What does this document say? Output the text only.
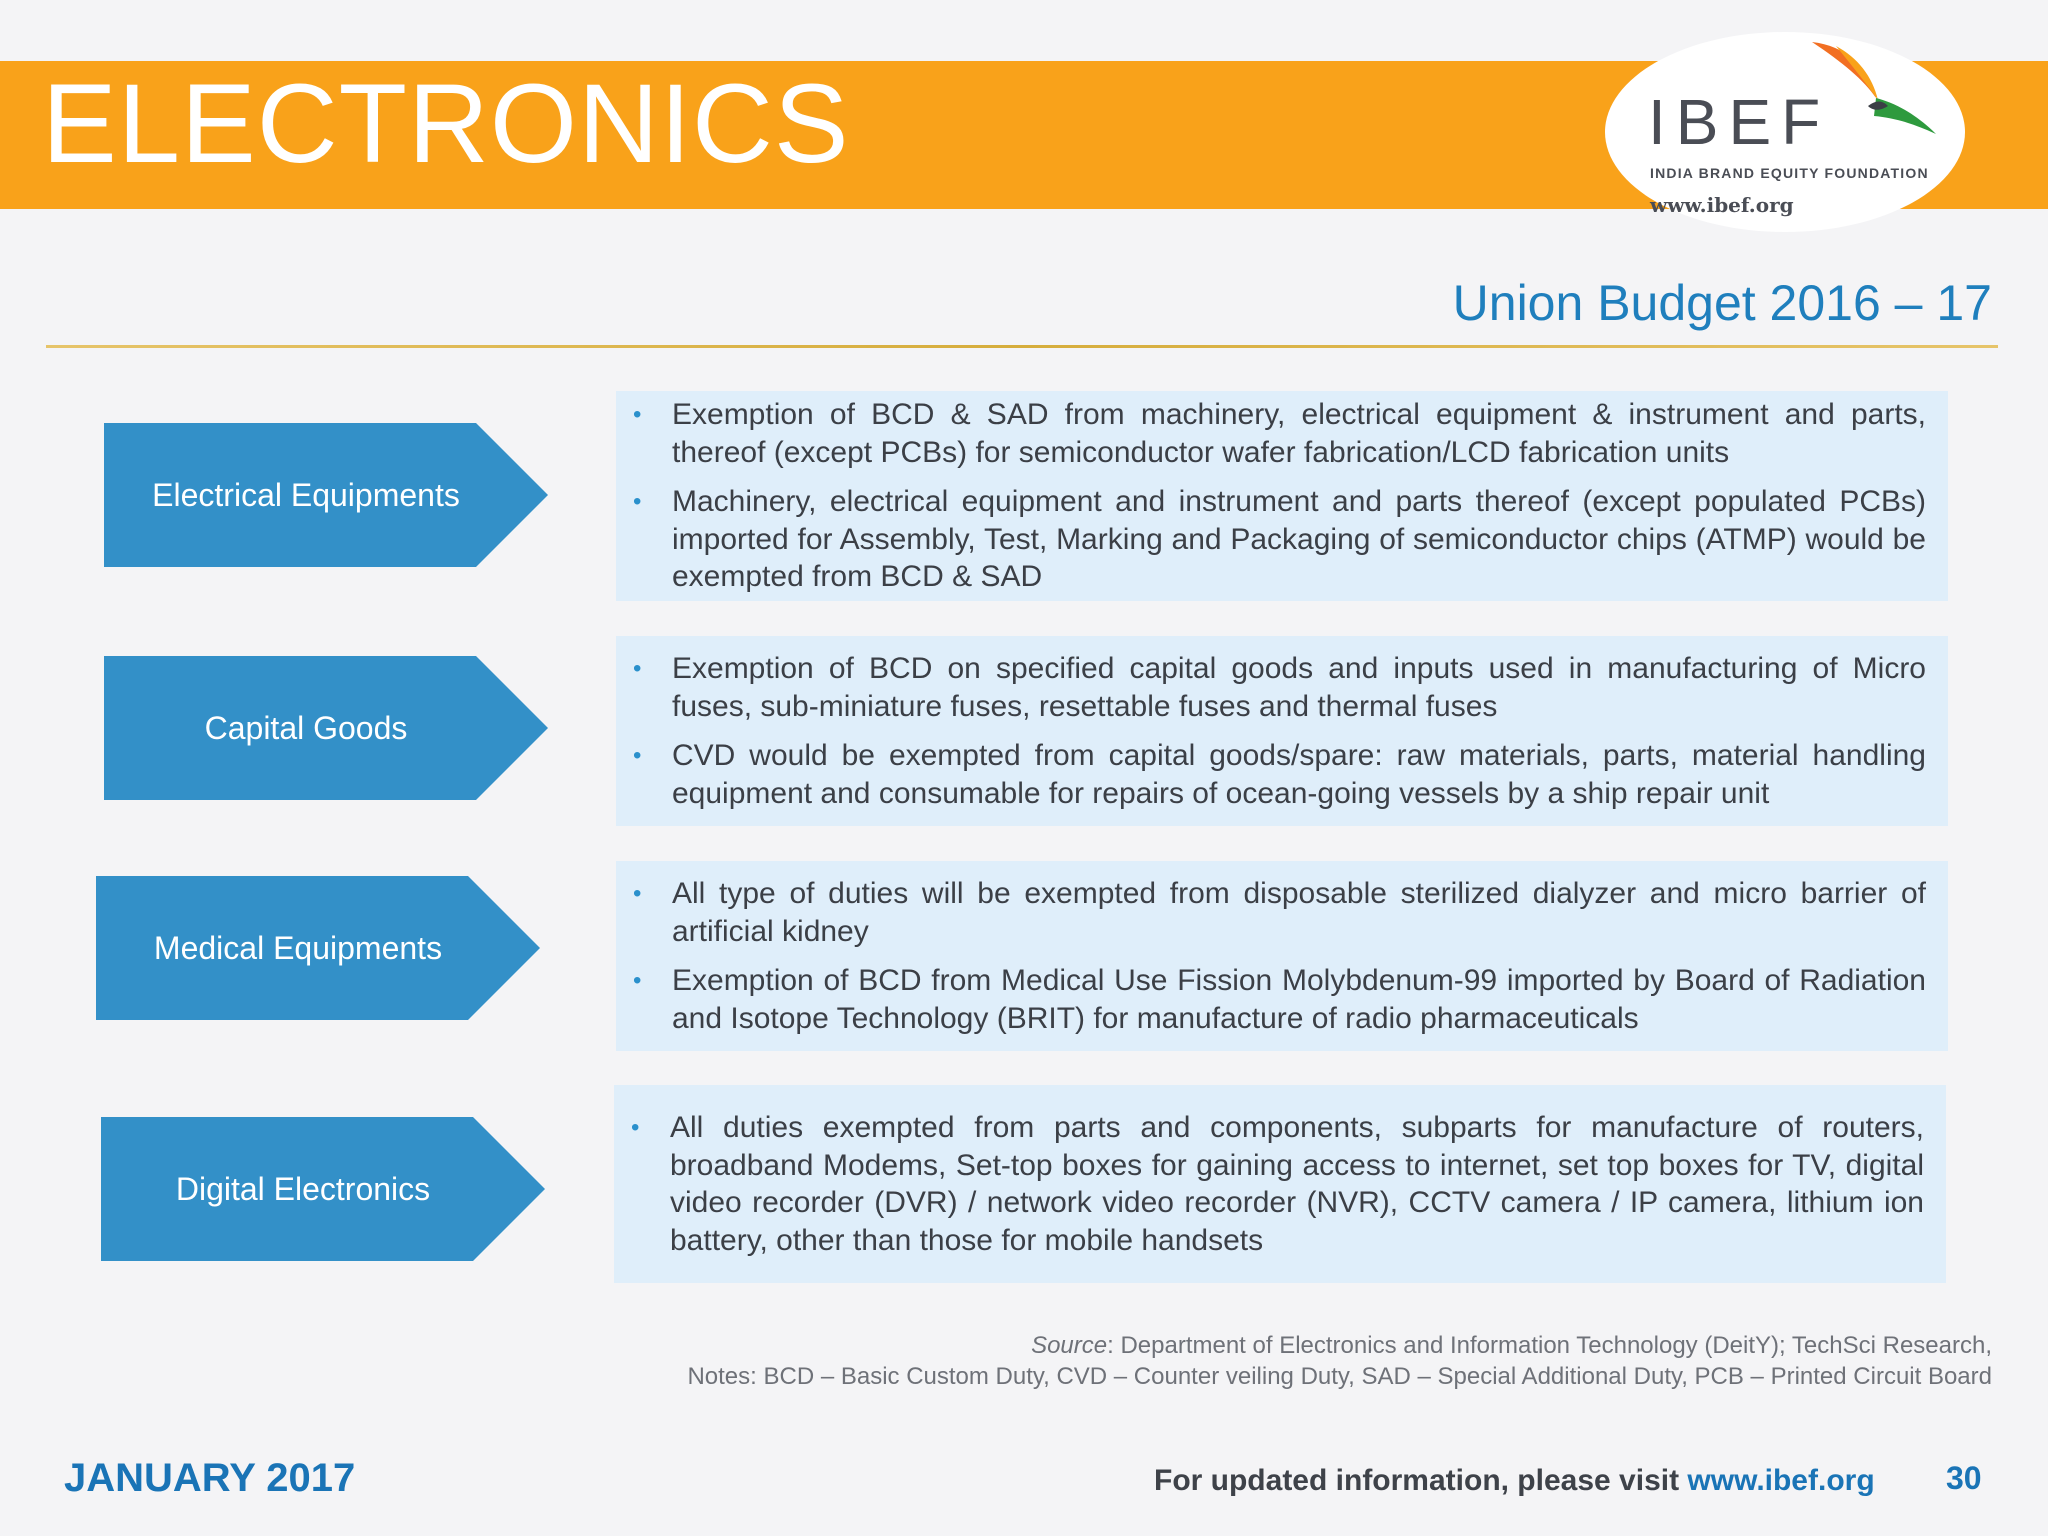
ELECTRONICS	IBEF
INDIA BRAND EQUITY FOUNDATION
www.ibef.org
Union Budget 2016 – 17
Electrical Equipments
• Exemption of BCD & SAD from machinery, electrical equipment & instrument and parts, thereof (except PCBs) for semiconductor wafer fabrication/LCD fabrication units
• Machinery, electrical equipment and instrument and parts thereof (except populated PCBs) imported for Assembly, Test, Marking and Packaging of semiconductor chips (ATMP) would be exempted from BCD & SAD
Capital Goods
• Exemption of BCD on specified capital goods and inputs used in manufacturing of Micro fuses, sub-miniature fuses, resettable fuses and thermal fuses
• CVD would be exempted from capital goods/spare: raw materials, parts, material handling equipment and consumable for repairs of ocean-going vessels by a ship repair unit
Medical Equipments
• All type of duties will be exempted from disposable sterilized dialyzer and micro barrier of artificial kidney
• Exemption of BCD from Medical Use Fission Molybdenum-99 imported by Board of Radiation and Isotope Technology (BRIT) for manufacture of radio pharmaceuticals
Digital Electronics
• All duties exempted from parts and components, subparts for manufacture of routers, broadband Modems, Set-top boxes for gaining access to internet, set top boxes for TV, digital video recorder (DVR) / network video recorder (NVR), CCTV camera / IP camera, lithium ion battery, other than those for mobile handsets
Source: Department of Electronics and Information Technology (DeitY); TechSci Research,
Notes: BCD – Basic Custom Duty, CVD – Counter veiling Duty, SAD – Special Additional Duty, PCB – Printed Circuit Board
JANUARY 2017	For updated information, please visit www.ibef.org 30
